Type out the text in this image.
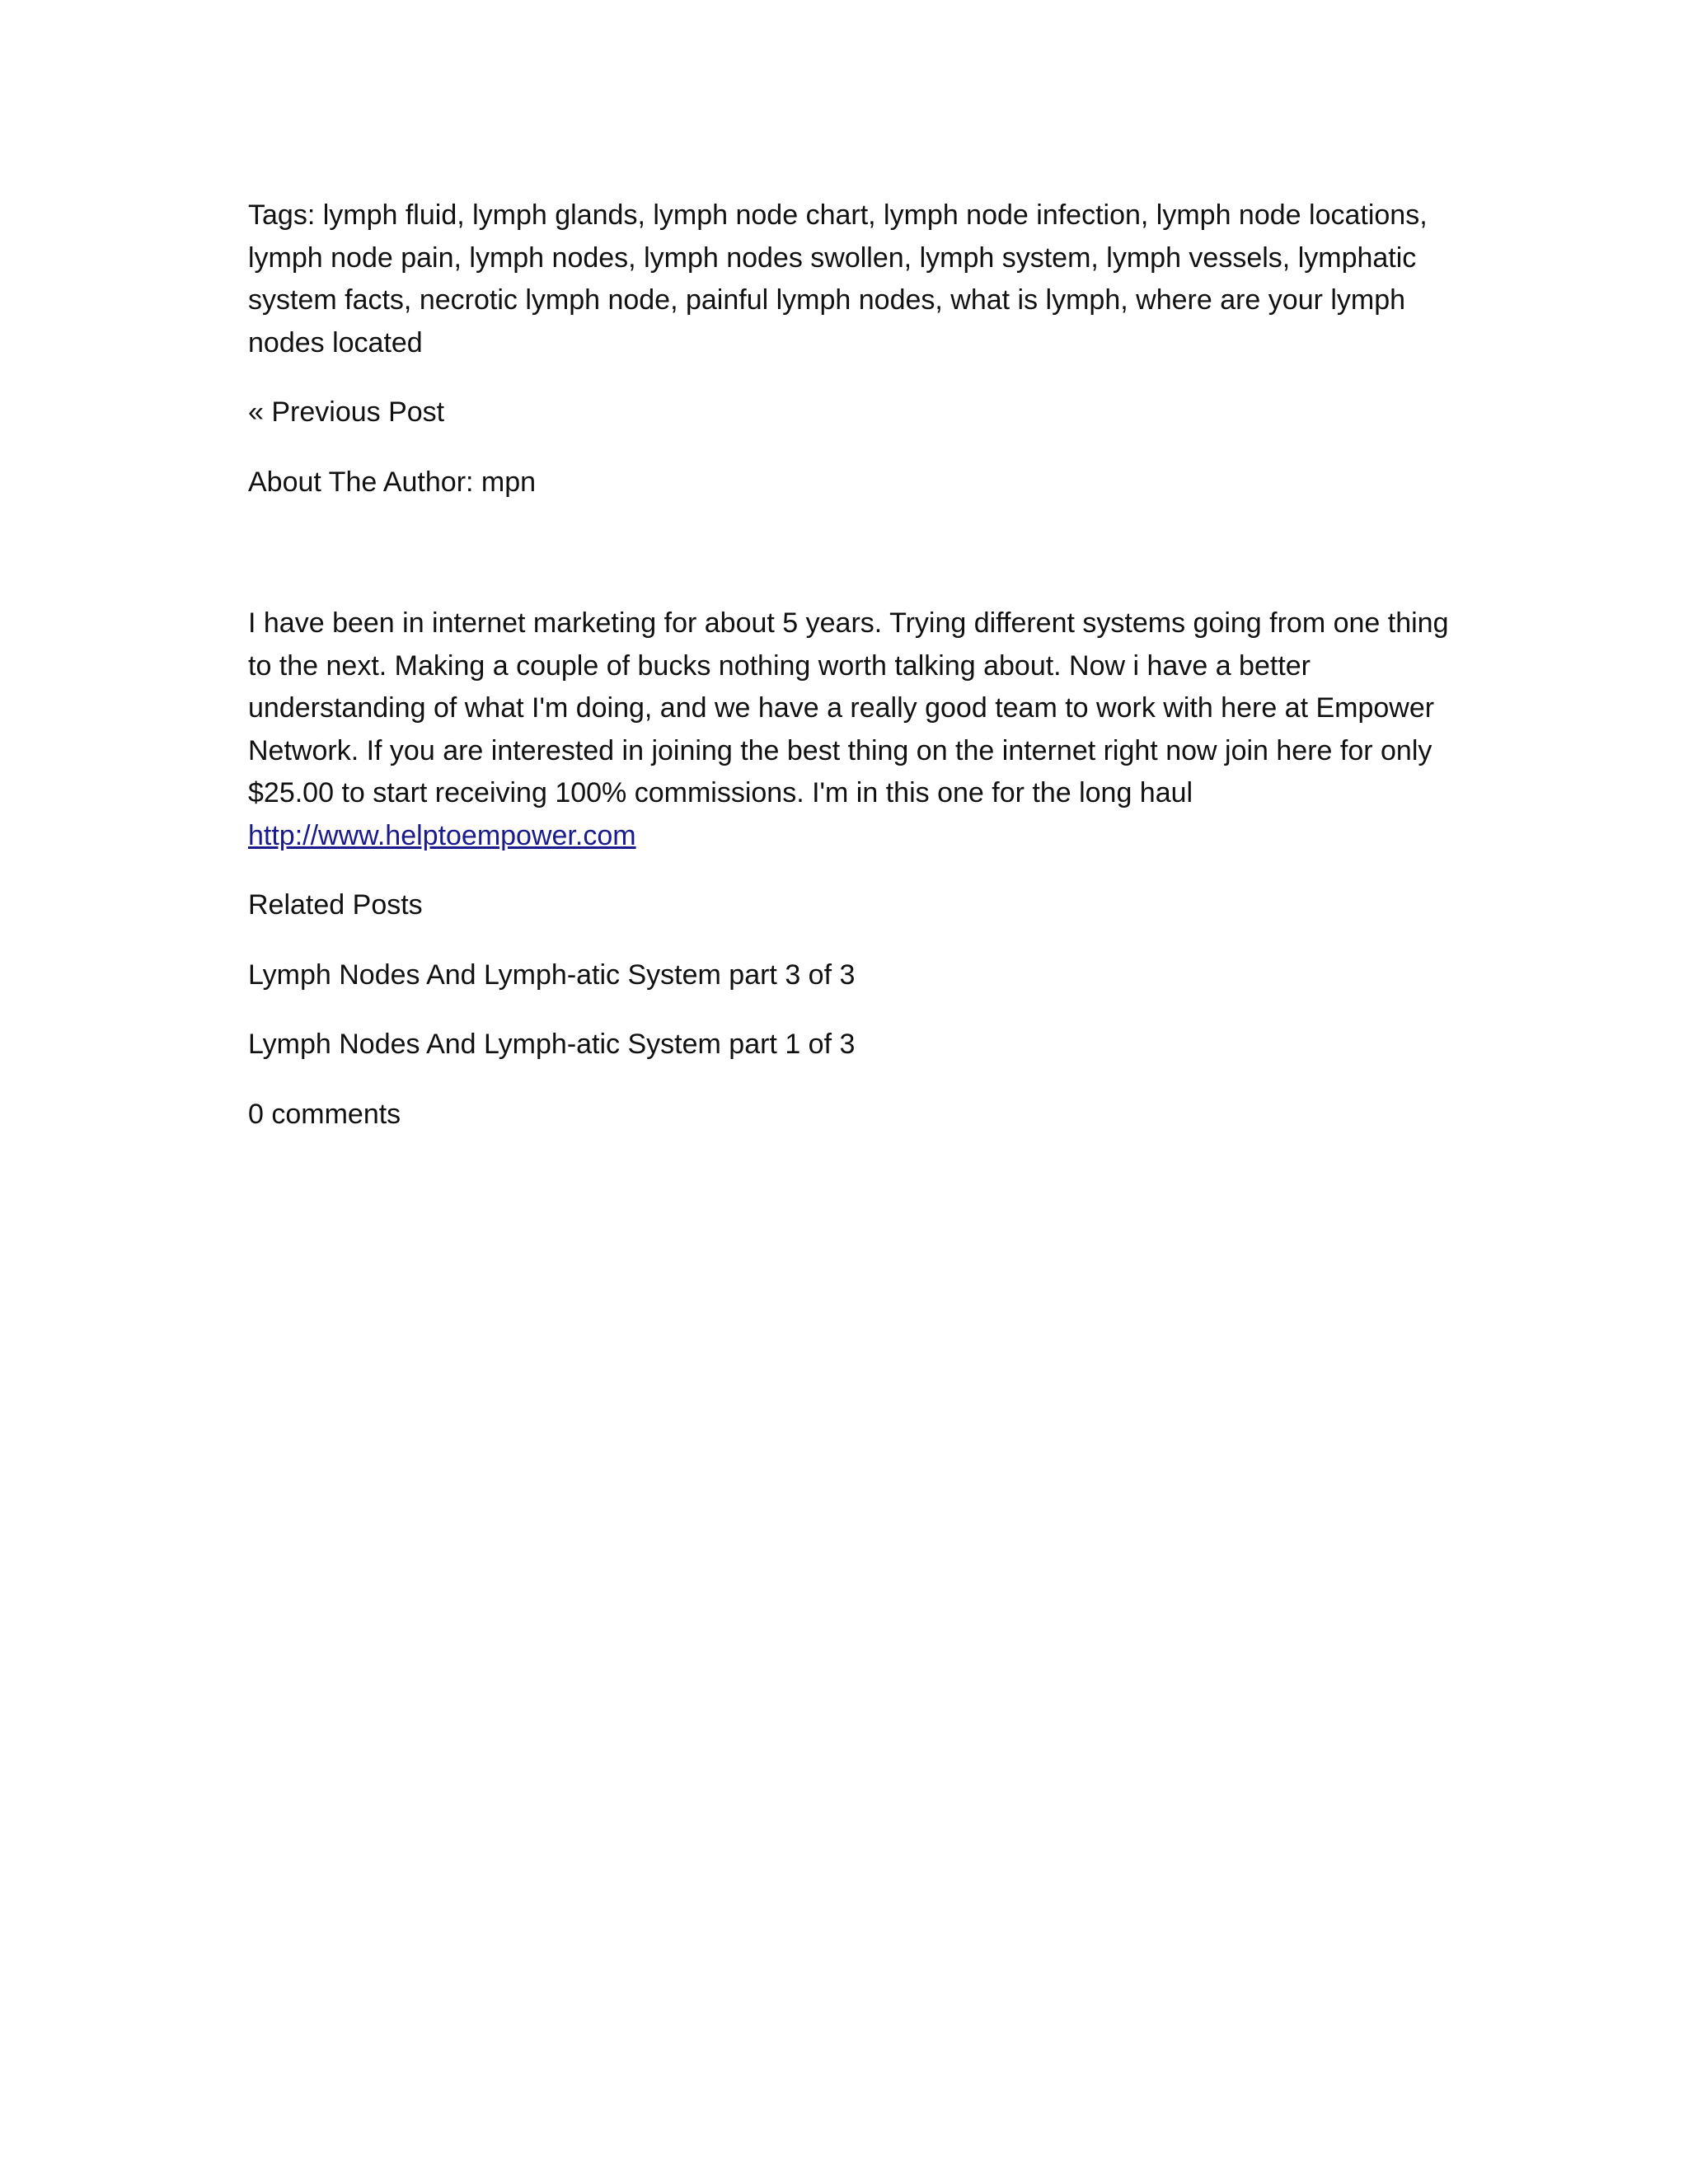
Tags: lymph fluid, lymph glands, lymph node chart, lymph node infection, lymph node locations, lymph node pain, lymph nodes, lymph nodes swollen, lymph system, lymph vessels, lymphatic system facts, necrotic lymph node, painful lymph nodes, what is lymph, where are your lymph nodes located

« Previous Post

About The Author: mpn

I have been in internet marketing for about 5 years. Trying different systems going from one thing to the next. Making a couple of bucks nothing worth talking about. Now i have a better understanding of what I'm doing, and we have a really good team to work with here at Empower Network. If you are interested in joining the best thing on the internet right now join here for only $25.00 to start receiving 100% commissions. I'm in this one for the long haul
http://www.helptoempower.com

Related Posts

Lymph Nodes And Lymph-atic System part 3 of 3

Lymph Nodes And Lymph-atic System part 1 of 3

0 comments
